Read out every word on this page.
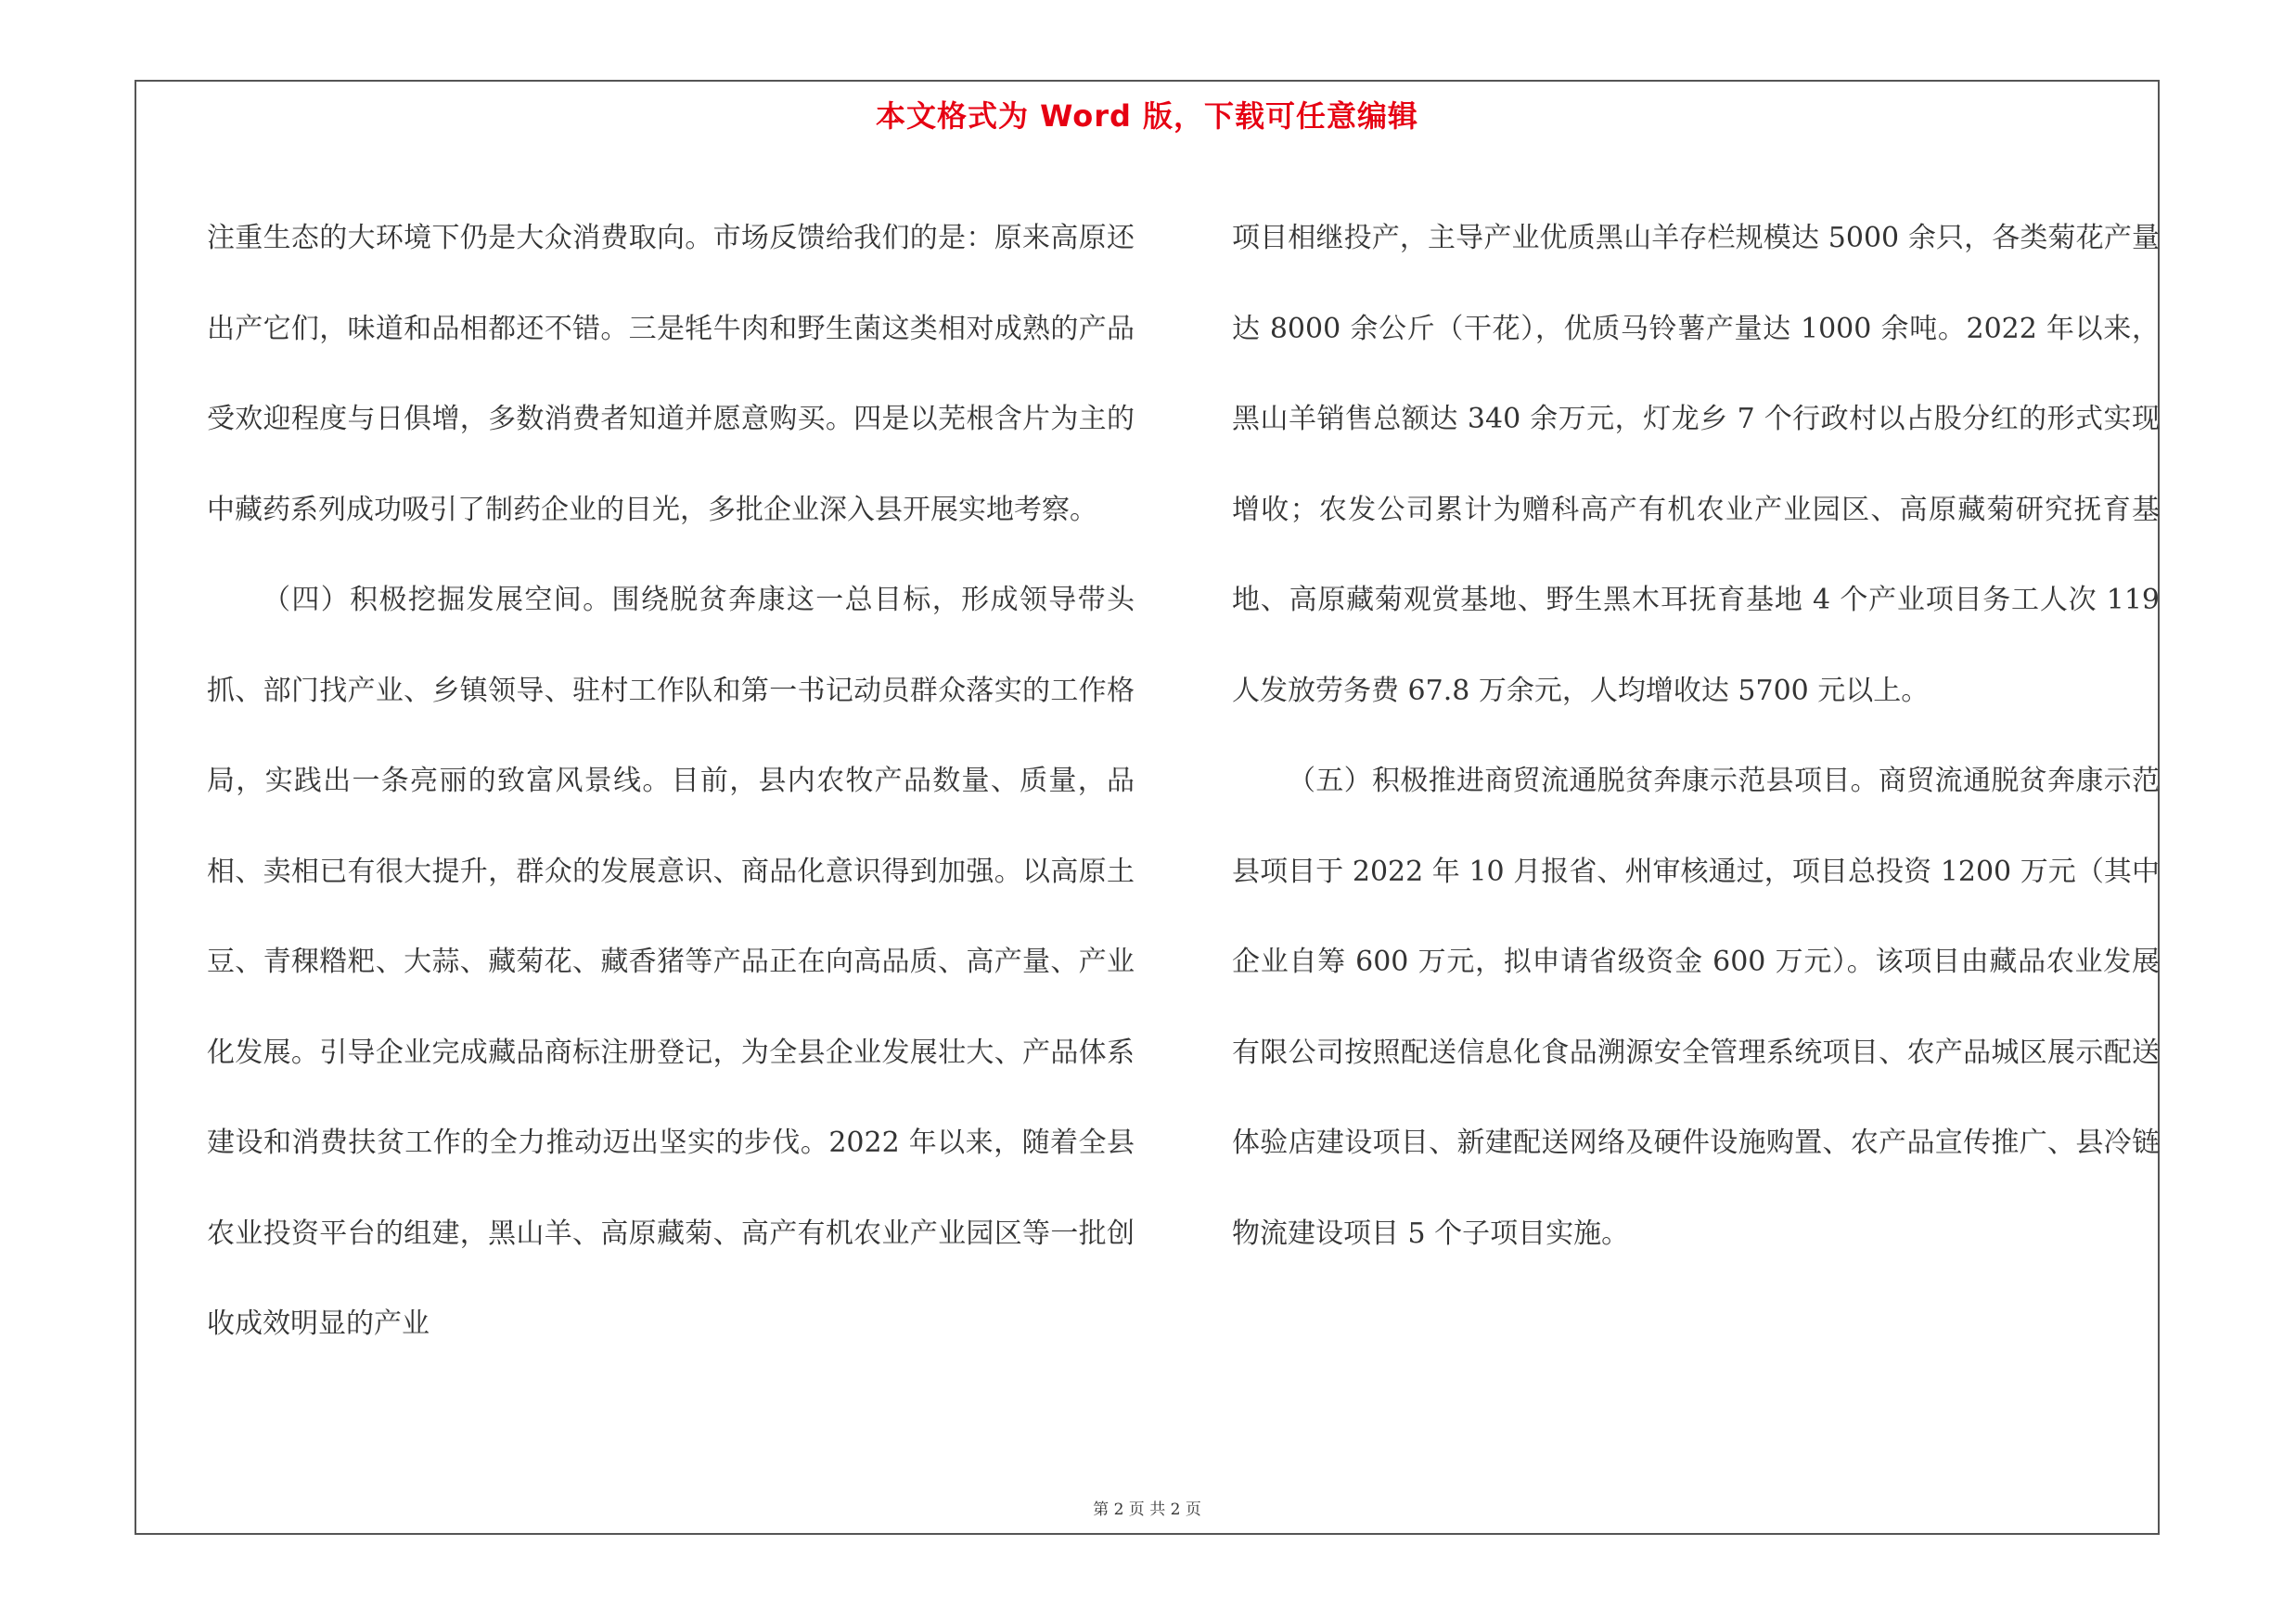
本文格式为 Word 版，下载可任意编辑

注重生态的大环境下仍是大众消费取向。市场反馈给我们的是：原来高原还出产它们，味道和品相都还不错。三是牦牛肉和野生菌这类相对成熟的产品受欢迎程度与日俱增，多数消费者知道并愿意购买。四是以芜根含片为主的中藏药系列成功吸引了制药企业的目光，多批企业深入县开展实地考察。

（四）积极挖掘发展空间。围绕脱贫奔康这一总目标，形成领导带头抓、部门找产业、乡镇领导、驻村工作队和第一书记动员群众落实的工作格局，实践出一条亮丽的致富风景线。目前，县内农牧产品数量、质量，品相、卖相已有很大提升，群众的发展意识、商品化意识得到加强。以高原土豆、青稞糌粑、大蒜、藏菊花、藏香猪等产品正在向高品质、高产量、产业化发展。引导企业完成藏品商标注册登记，为全县企业发展壮大、产品体系建设和消费扶贫工作的全力推动迈出坚实的步伐。2022 年以来，随着全县农业投资平台的组建，黑山羊、高原藏菊、高产有机农业产业园区等一批创收成效明显的产业

项目相继投产，主导产业优质黑山羊存栏规模达 5000 余只，各类菊花产量达 8000 余公斤（干花），优质马铃薯产量达 1000 余吨。2022 年以来，黑山羊销售总额达 340 余万元，灯龙乡 7 个行政村以占股分红的形式实现增收；农发公司累计为赠科高产有机农业产业园区、高原藏菊研究抚育基地、高原藏菊观赏基地、野生黑木耳抚育基地 4 个产业项目务工人次 119 人发放劳务费 67.8 万余元，人均增收达 5700 元以上。

（五）积极推进商贸流通脱贫奔康示范县项目。商贸流通脱贫奔康示范县项目于 2022 年 10 月报省、州审核通过，项目总投资 1200 万元（其中企业自筹 600 万元，拟申请省级资金 600 万元）。该项目由藏品农业发展有限公司按照配送信息化食品溯源安全管理系统项目、农产品城区展示配送体验店建设项目、新建配送网络及硬件设施购置、农产品宣传推广、县冷链物流建设项目 5 个子项目实施。

第 2 页 共 2 页
